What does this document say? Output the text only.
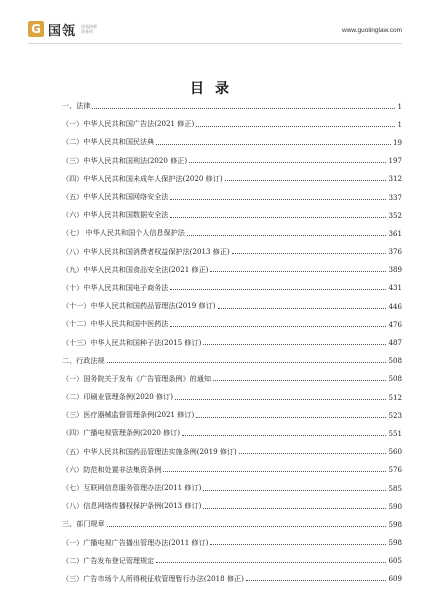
G 国瓴 国瓴律师
事务所	www.guolinglaw.com
目录
一、法律	1
（一）中华人民共和国广告法(2021 修正)	1
（二）中华人民共和国民法典	19
（三）中华人民共和国刑法(2020 修正)	197
（四）中华人民共和国未成年人保护法(2020 修订)	312
（五）中华人民共和国网络安全法	337
（六）中华人民共和国数据安全法	352
（七） 中华人民共和国个人信息保护法	361
（八）中华人民共和国消费者权益保护法(2013 修正)	376
（九）中华人民共和国食品安全法(2021 修正)	389
（十）中华人民共和国电子商务法	431
（十一）中华人民共和国药品管理法(2019 修订)	446
（十二）中华人民共和国中医药法	476
（十三）中华人民共和国种子法(2015 修订)	487
二、行政法规	508
（一）国务院关于发布《广告管理条例》的通知	508
（二）印刷业管理条例(2020 修订)	512
（三）医疗器械监督管理条例(2021 修订)	523
（四）广播电视管理条例(2020 修订)	551
（五）中华人民共和国药品管理法实施条例(2019 修订)	560
（六）防范和处置非法集资条例	576
（七）互联网信息服务管理办法(2011 修订)	585
（八）信息网络传播权保护条例(2013 修订)	590
三、部门规章	598
（一）广播电视广告播出管理办法(2011 修订)	598
（二）广告发布登记管理规定	605
（三）广告市场个人所得税征收管理暂行办法(2018 修正)	609
